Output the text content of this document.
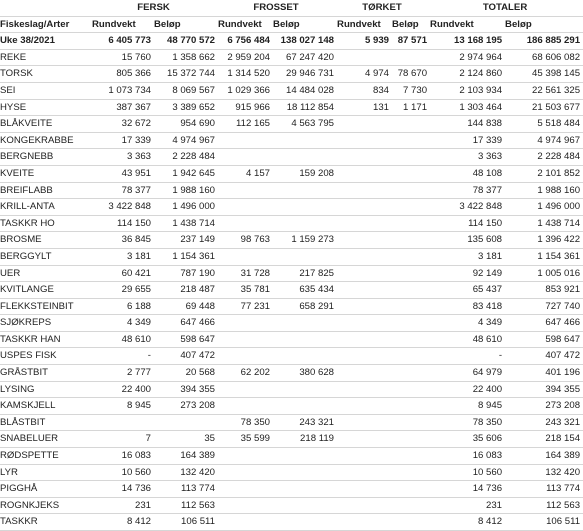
	FERSK		FROSSET		TØRKET		TOTALER	
Fiskeslag/Arter	Rundvekt	Beløp	Rundvekt	Beløp	Rundvekt	Beløp	Rundvekt	Beløp
Uke 38/2021	6 405 773	48 770 572	6 756 484	138 027 148	5 939	87 571	13 168 195	186 885 291
REKE	15 760	1 358 662	2 959 204	67 247 420			2 974 964	68 606 082
TORSK	805 366	15 372 744	1 314 520	29 946 731	4 974	78 670	2 124 860	45 398 145
SEI	1 073 734	8 069 567	1 029 366	14 484 028	834	7 730	2 103 934	22 561 325
HYSE	387 367	3 389 652	915 966	18 112 854	131	1 171	1 303 464	21 503 677
BLÅKVEITE	32 672	954 690	112 165	4 563 795			144 838	5 518 484
KONGEKRABBE	17 339	4 974 967					17 339	4 974 967
BERGNEBB	3 363	2 228 484					3 363	2 228 484
KVEITE	43 951	1 942 645	4 157	159 208			48 108	2 101 852
BREIFLABB	78 377	1 988 160					78 377	1 988 160
KRILL-ANTA	3 422 848	1 496 000					3 422 848	1 496 000
TASKKR HO	114 150	1 438 714					114 150	1 438 714
BROSME	36 845	237 149	98 763	1 159 273			135 608	1 396 422
BERGGYLT	3 181	1 154 361					3 181	1 154 361
UER	60 421	787 190	31 728	217 825			92 149	1 005 016
KVITLANGE	29 655	218 487	35 781	635 434			65 437	853 921
FLEKKSTEINBIT	6 188	69 448	77 231	658 291			83 418	727 740
SJØKREPS	4 349	647 466					4 349	647 466
TASKKR HAN	48 610	598 647					48 610	598 647
USPES FISK	-	407 472					-	407 472
GRÅSTBIT	2 777	20 568	62 202	380 628			64 979	401 196
LYSING	22 400	394 355					22 400	394 355
KAMSKJELL	8 945	273 208					8 945	273 208
BLÅSTBIT			78 350	243 321			78 350	243 321
SNABELUER	7	35	35 599	218 119			35 606	218 154
RØDSPETTE	16 083	164 389					16 083	164 389
LYR	10 560	132 420					10 560	132 420
PIGGHÅ	14 736	113 774					14 736	113 774
ROGNKJEKS	231	112 563					231	112 563
TASKKR	8 412	106 511					8 412	106 511
